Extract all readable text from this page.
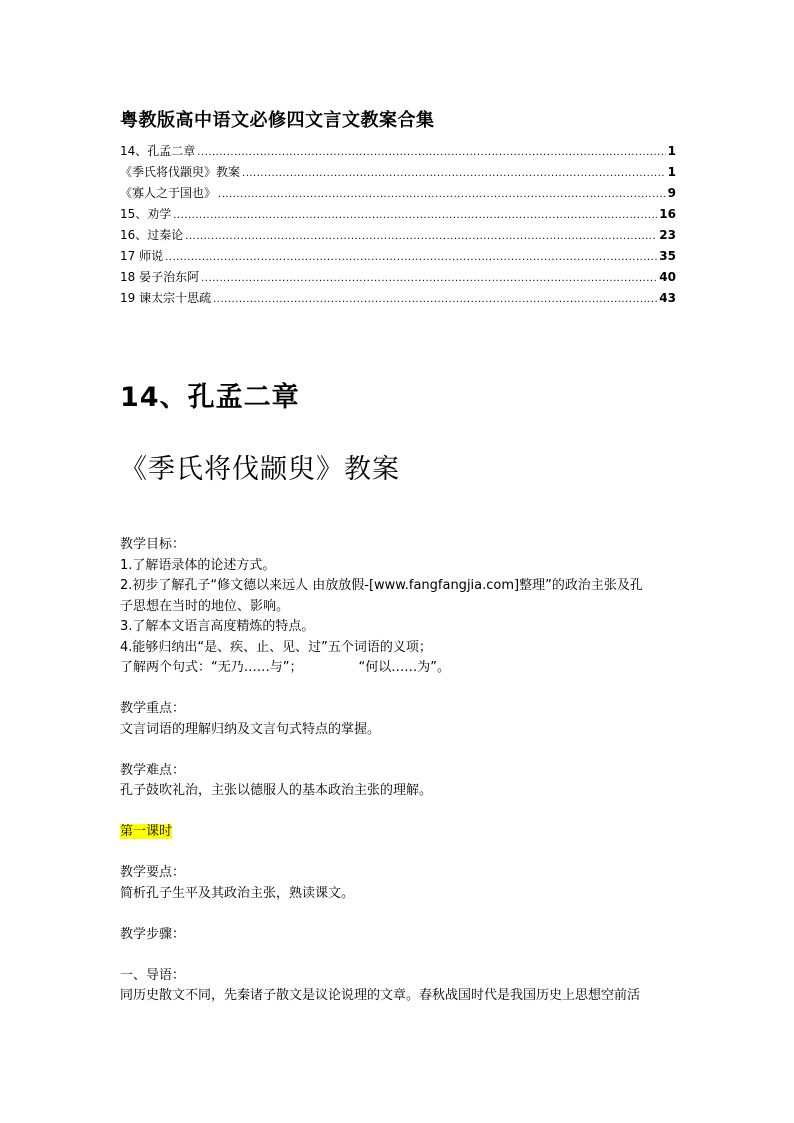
粤教版高中语文必修四文言文教案合集
14、孔孟二章 .....	1
《季氏将伐颛臾》教案 .....	1
《寡人之于国也》 .....	9
15、劝学 .....	16
16、过秦论 .....	23
17 师说 .....	35
18 晏子治东阿 .....	40
19 谏太宗十思疏 .....	43
14、孔孟二章
《季氏将伐颛臾》教案
教学目标：
1.了解语录体的论述方式。
2.初步了解孔子“修文德以来远人 由放放假-[www.fangfangjia.com]整理”的政治主张及孔
子思想在当时的地位、影响。
3.了解本文语言高度精炼的特点。
4.能够归纳出“是、疾、止、见、过”五个词语的义项；
了解两个句式：“无乃……与”；	“何以……为”。
教学重点：
文言词语的理解归纳及文言句式特点的掌握。
教学难点：
孔子鼓吹礼治，主张以德服人的基本政治主张的理解。
第一课时
教学要点：
简析孔子生平及其政治主张，熟读课文。
教学步骤：
一、导语：
同历史散文不同，先秦诸子散文是议论说理的文章。春秋战国时代是我国历史上思想空前活
